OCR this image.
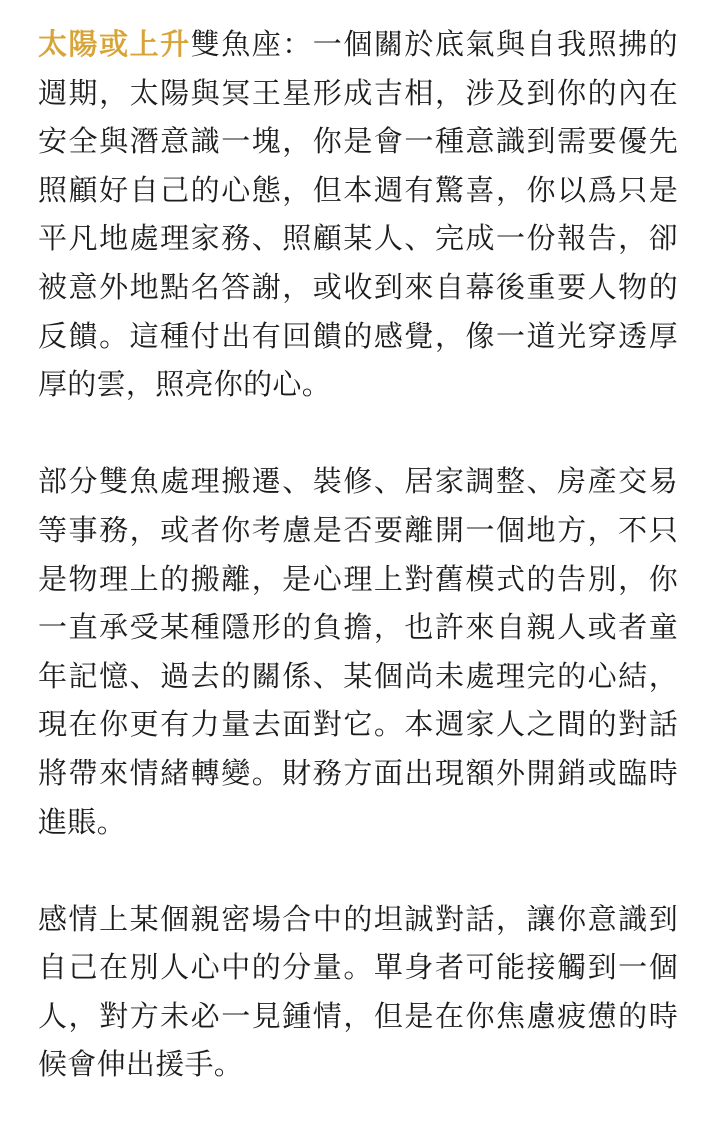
太陽或上升雙魚座：一個關於底氣與自我照拂的週期，太陽與冥王星形成吉相，涉及到你的內在安全與潛意識一塊，你是會一種意識到需要優先照顧好自己的心態，但本週有驚喜，你以爲只是平凡地處理家務、照顧某人、完成一份報告，卻被意外地點名答謝，或收到來自幕後重要人物的反饋。這種付出有回饋的感覺，像一道光穿透厚厚的雲，照亮你的心。

部分雙魚處理搬遷、裝修、居家調整、房產交易等事務，或者你考慮是否要離開一個地方，不只是物理上的搬離，是心理上對舊模式的告別，你一直承受某種隱形的負擔，也許來自親人或者童年記憶、過去的關係、某個尚未處理完的心結，現在你更有力量去面對它。本週家人之間的對話將帶來情緒轉變。財務方面出現額外開銷或臨時進賬。

感情上某個親密場合中的坦誠對話，讓你意識到自己在別人心中的分量。單身者可能接觸到一個人，對方未必一見鍾情，但是在你焦慮疲憊的時候會伸出援手。
